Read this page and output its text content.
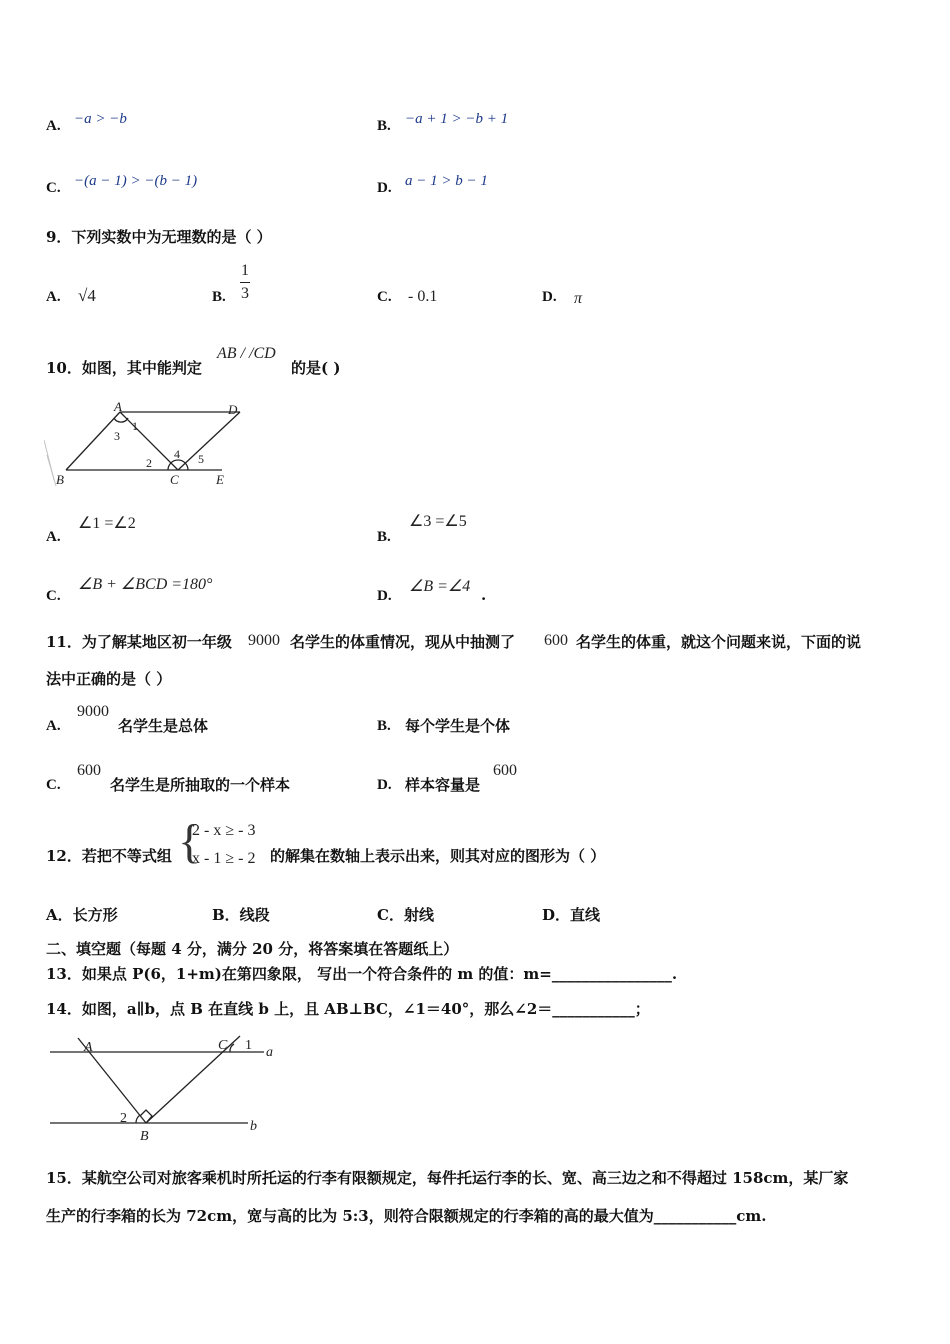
A. −a > −b	B. −a + 1 > −b + 1
C. −(a − 1) > −(b − 1)	D. a − 1 > b − 1
9．下列实数中为无理数的是（ ）
A. √4	B.
1
3	C. - 0.1	D. π
10．如图，其中能判定
AB / /CD
的是( )
A	D
B	C	E
1
2
3
4 5
A.
∠1 =∠2
B.
∠3 =∠5
C.
∠B + ∠BCD =180°
D.
∠B =∠4 .
11．为了解某地区初一年级 9000 名学生的体重情况，现从中抽测了 600 名学生的体重，就这个问题来说，下面的说
法中正确的是（ ）
A.
9000
名学生是总体	B. 每个学生是个体
C.
600
名学生是所抽取的一个样本	D. 样本容量是
600
12．若把不等式组 {
2 - x ≥ - 3
x - 1 ≥ - 2 的解集在数轴上表示出来，则其对应的图形为（ ）
A．长方形	B．线段	C．射线	D．直线
二、填空题（每题 4 分，满分 20 分，将答案填在答题纸上）
13．如果点 P(6，1+m)在第四象限， 写出一个符合条件的 m 的值：m=________________.
14．如图，a∥b，点 B 在直线 b 上，且 AB⊥BC，∠1＝40°，那么∠2＝___________；
A	C
B
a
b
1
2
15．某航空公司对旅客乘机时所托运的行李有限额规定，每件托运行李的长、宽、高三边之和不得超过 158cm，某厂家
生产的行李箱的长为 72cm，宽与高的比为 5:3，则符合限额规定的行李箱的高的最大值为___________cm.
